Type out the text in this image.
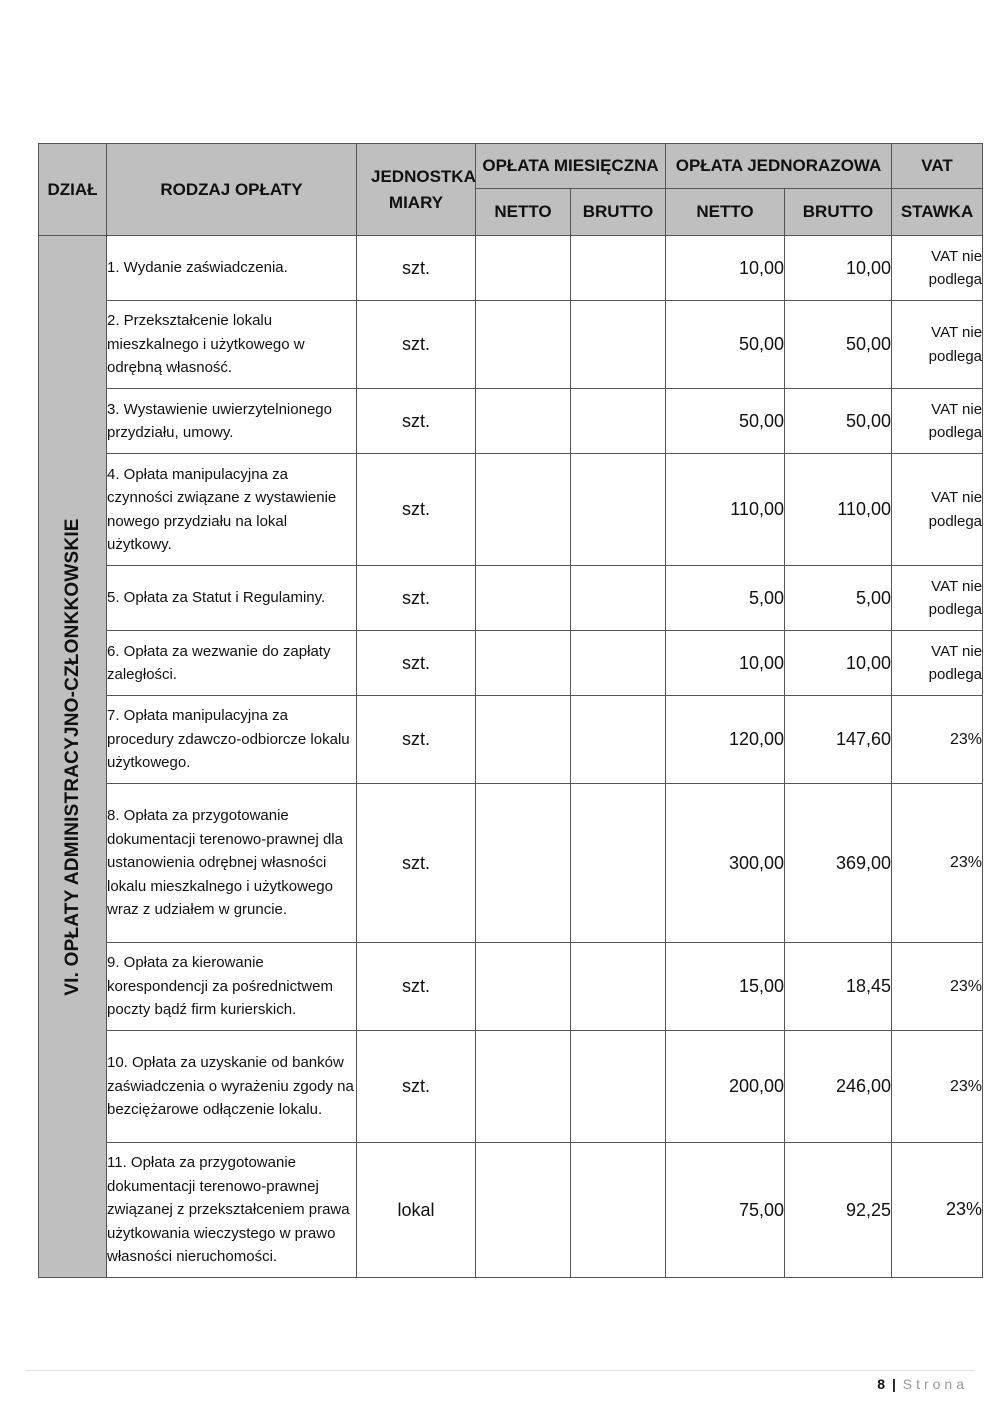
DZIAŁ	RODZAJ OPŁATY	JEDNOSTKA MIARY	OPŁATA MIESIĘCZNA		OPŁATA JEDNORAZOWA		VAT
			NETTO	BRUTTO	NETTO	BRUTTO	STAWKA

VI. OPŁATY ADMINISTRACYJNO-CZŁONKKOWSKIE	1. Wydanie zaświadczenia.	szt.			10,00	10,00	VAT nie podlega
	2. Przekształcenie lokalu mieszkalnego i użytkowego w odrębną własność.	szt.			50,00	50,00	VAT nie podlega
	3. Wystawienie uwierzytelnionego przydziału, umowy.	szt.			50,00	50,00	VAT nie podlega
	4. Opłata manipulacyjna za czynności związane z wystawienie nowego przydziału na lokal użytkowy.	szt.			110,00	110,00	VAT nie podlega
	5. Opłata za Statut i Regulaminy.	szt.			5,00	5,00	VAT nie podlega
	6. Opłata za wezwanie do zapłaty zaległości.	szt.			10,00	10,00	VAT nie podlega
	7. Opłata manipulacyjna za procedury zdawczo-odbiorcze lokalu użytkowego.	szt.			120,00	147,60	23%
	8. Opłata za przygotowanie dokumentacji terenowo-prawnej dla ustanowienia odrębnej własności lokalu mieszkalnego i użytkowego wraz z udziałem w gruncie.	szt.			300,00	369,00	23%
	9. Opłata za kierowanie korespondencji za pośrednictwem poczty bądź firm kurierskich.	szt.			15,00	18,45	23%
	10. Opłata za uzyskanie od banków zaświadczenia o wyrażeniu zgody na bezciężarowe odłączenie lokalu.	szt.			200,00	246,00	23%
	11. Opłata za przygotowanie dokumentacji terenowo-prawnej związanej z przekształceniem prawa użytkowania wieczystego w prawo własności nieruchomości.	lokal			75,00	92,25	23%
8 | Strona
